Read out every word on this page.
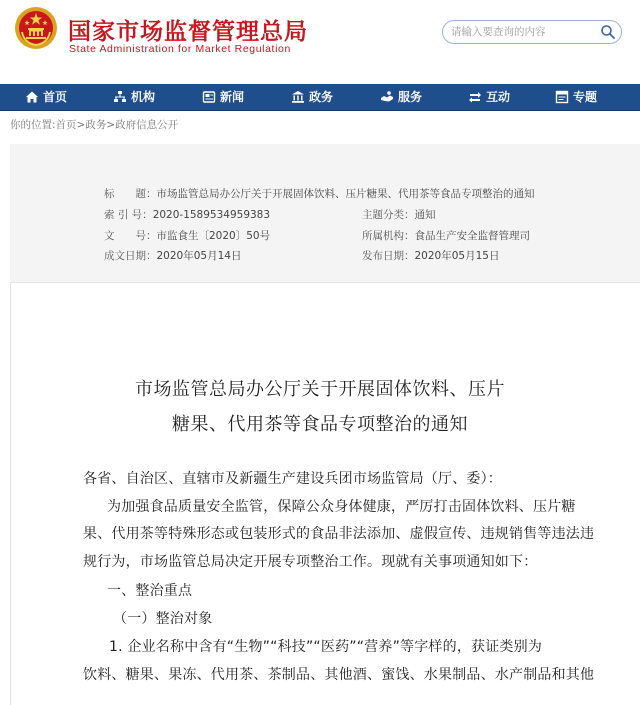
国家市场监督管理总局
State Administration for Market Regulation
请输入要查询的内容
首页	机构	新闻	政务	服务	互动	专题
你的位置:首页>政务>政府信息公开
标　　题：市场监管总局办公厅关于开展固体饮料、压片糖果、代用茶等食品专项整治的通知
索 引 号：2020-1589534959383	主题分类：通知
文　　号：市监食生〔2020〕50号	所属机构：食品生产安全监督管理司
成文日期：2020年05月14日	发布日期：2020年05月15日
市场监管总局办公厅关于开展固体饮料、压片
糖果、代用茶等食品专项整治的通知
各省、自治区、直辖市及新疆生产建设兵团市场监管局（厅、委）：
为加强食品质量安全监管，保障公众身体健康，严厉打击固体饮料、压片糖
果、代用茶等特殊形态或包装形式的食品非法添加、虚假宣传、违规销售等违法违
规行为，市场监管总局决定开展专项整治工作。现就有关事项通知如下：
一、整治重点
（一）整治对象
1. 企业名称中含有“生物”“科技”“医药”“营养”等字样的，获证类别为
饮料、糖果、果冻、代用茶、茶制品、其他酒、蜜饯、水果制品、水产制品和其他
